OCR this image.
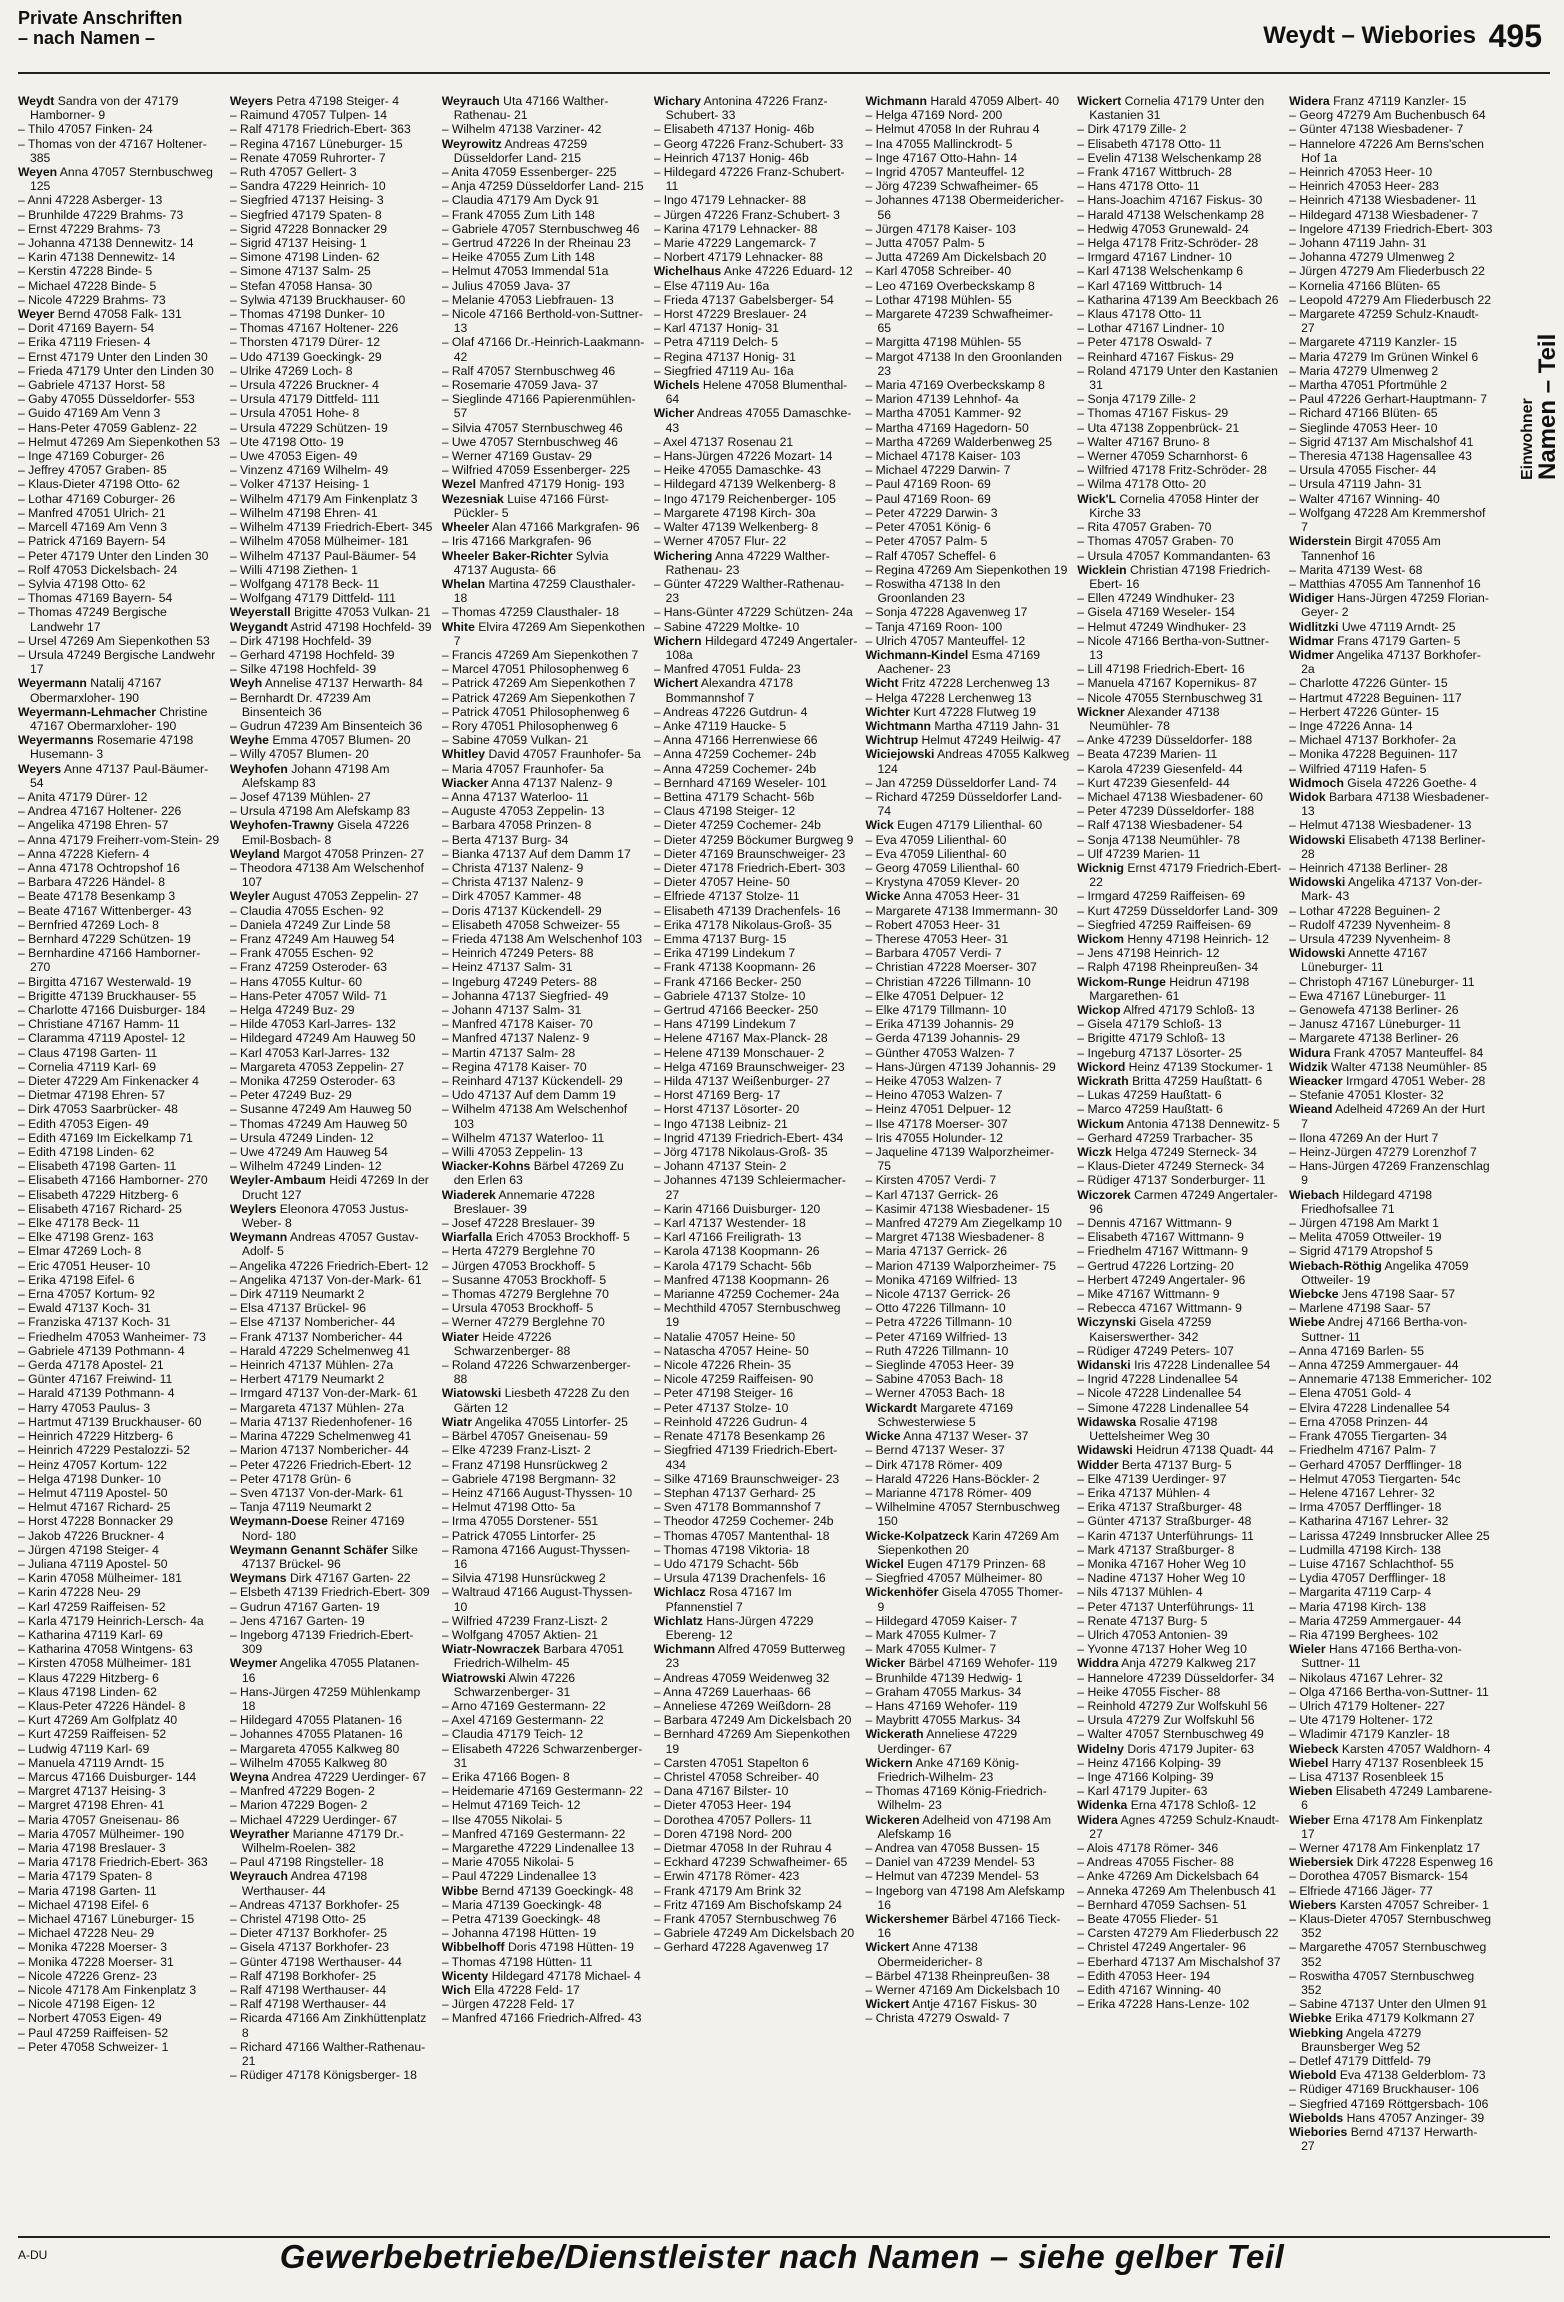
Private Anschriften
– nach Namen –	Weydt – Wiebories 495
Einwohner
Namen – Teil
Weydt Sandra von der 47179 Hamborner- 9
– Thilo 47057 Finken- 24
– Thomas von der 47167 Holtener- 385
Weyen Anna 47057 Sternbuschweg 125
– Anni 47228 Asberger- 13
– Brunhilde 47229 Brahms- 73
– Ernst 47229 Brahms- 73
– Johanna 47138 Dennewitz- 14
– Karin 47138 Dennewitz- 14
– Kerstin 47228 Binde- 5
– Michael 47228 Binde- 5
– Nicole 47229 Brahms- 73
Weyer Bernd 47058 Falk- 131
– Dorit 47169 Bayern- 54
– Erika 47119 Friesen- 4
– Ernst 47179 Unter den Linden 30
– Frieda 47179 Unter den Linden 30
– Gabriele 47137 Horst- 58
– Gaby 47055 Düsseldorfer- 553
– Guido 47169 Am Venn 3
– Hans-Peter 47059 Gablenz- 22
– Helmut 47269 Am Siepenkothen 53
– Inge 47169 Coburger- 26
– Jeffrey 47057 Graben- 85
– Klaus-Dieter 47198 Otto- 62
– Lothar 47169 Coburger- 26
– Manfred 47051 Ulrich- 21
– Marcell 47169 Am Venn 3
– Patrick 47169 Bayern- 54
– Peter 47179 Unter den Linden 30
– Rolf 47053 Dickelsbach- 24
– Sylvia 47198 Otto- 62
– Thomas 47169 Bayern- 54
– Thomas 47249 Bergische Landwehr 17
– Ursel 47269 Am Siepenkothen 53
– Ursula 47249 Bergische Landwehr 17
Weyermann Natalij 47167 Obermarxloher- 190
Weyermann-Lehmacher Christine 47167 Obermarxloher- 190
Weyermanns Rosemarie 47198 Husemann- 3
Weyers Anne 47137 Paul-Bäumer- 54
– Anita 47179 Dürer- 12
– Andrea 47167 Holtener- 226
– Angelika 47198 Ehren- 57
– Anna 47179 Freiherr-vom-Stein- 29
– Anna 47228 Kiefern- 4
– Anna 47178 Ochtropshof 16
– Barbara 47226 Händel- 8
– Beate 47178 Besenkamp 3
– Beate 47167 Wittenberger- 43
– Bernfried 47269 Loch- 8
– Bernhard 47229 Schützen- 19
– Bernhardine 47166 Hamborner- 270
– Birgitta 47167 Westerwald- 19
– Brigitte 47139 Bruckhauser- 55
– Charlotte 47166 Duisburger- 184
– Christiane 47167 Hamm- 11
– Claramma 47119 Apostel- 12
– Claus 47198 Garten- 11
– Cornelia 47119 Karl- 69
– Dieter 47229 Am Finkenacker 4
– Dietmar 47198 Ehren- 57
– Dirk 47053 Saarbrücker- 48
– Edith 47053 Eigen- 49
– Edith 47169 Im Eickelkamp 71
– Edith 47198 Linden- 62
– Elisabeth 47198 Garten- 11
– Elisabeth 47166 Hamborner- 270
– Elisabeth 47229 Hitzberg- 6
– Elisabeth 47167 Richard- 25
– Elke 47178 Beck- 11
– Elke 47198 Grenz- 163
– Elmar 47269 Loch- 8
– Eric 47051 Heuser- 10
– Erika 47198 Eifel- 6
– Erna 47057 Kortum- 92
– Ewald 47137 Koch- 31
– Franziska 47137 Koch- 31
– Friedhelm 47053 Wanheimer- 73
– Gabriele 47139 Pothmann- 4
– Gerda 47178 Apostel- 21
– Günter 47167 Freiwind- 11
– Harald 47139 Pothmann- 4
– Harry 47053 Paulus- 3
– Hartmut 47139 Bruckhauser- 60
– Heinrich 47229 Hitzberg- 6
– Heinrich 47229 Pestalozzi- 52
– Heinz 47057 Kortum- 122
– Helga 47198 Dunker- 10
– Helmut 47119 Apostel- 50
– Helmut 47167 Richard- 25
– Horst 47228 Bonnacker 29
– Jakob 47226 Bruckner- 4
– Jürgen 47198 Steiger- 4
– Juliana 47119 Apostel- 50
– Karin 47058 Mülheimer- 181
– Karin 47228 Neu- 29
– Karl 47259 Raiffeisen- 52
– Karla 47179 Heinrich-Lersch- 4a
– Katharina 47119 Karl- 69
– Katharina 47058 Wintgens- 63
– Kirsten 47058 Mülheimer- 181
– Klaus 47229 Hitzberg- 6
– Klaus 47198 Linden- 62
– Klaus-Peter 47226 Händel- 8
– Kurt 47269 Am Golfplatz 40
– Kurt 47259 Raiffeisen- 52
– Ludwig 47119 Karl- 69
– Manuela 47119 Arndt- 15
– Marcus 47166 Duisburger- 144
– Margret 47137 Heising- 3
– Margret 47198 Ehren- 41
– Maria 47057 Gneisenau- 86
– Maria 47057 Mülheimer- 190
– Maria 47198 Breslauer- 3
– Maria 47178 Friedrich-Ebert- 363
– Maria 47179 Spaten- 8
– Maria 47198 Garten- 11
– Michael 47198 Eifel- 6
– Michael 47167 Lüneburger- 15
– Michael 47228 Neu- 29
– Monika 47228 Moerser- 3
– Monika 47228 Moerser- 31
– Nicole 47226 Grenz- 23
– Nicole 47178 Am Finkenplatz 3
– Nicole 47198 Eigen- 12
– Norbert 47053 Eigen- 49
– Paul 47259 Raiffeisen- 52
– Peter 47058 Schweizer- 1
Weyers Petra 47198 Steiger- 4
– Raimund 47057 Tulpen- 14
– Ralf 47178 Friedrich-Ebert- 363
– Regina 47167 Lüneburger- 15
– Renate 47059 Ruhrorter- 7
– Ruth 47057 Gellert- 3
– Sandra 47229 Heinrich- 10
– Siegfried 47137 Heising- 3
– Siegfried 47179 Spaten- 8
– Sigrid 47228 Bonnacker 29
– Sigrid 47137 Heising- 1
– Simone 47198 Linden- 62
– Simone 47137 Salm- 25
– Stefan 47058 Hansa- 30
– Sylwia 47139 Bruckhauser- 60
– Thomas 47198 Dunker- 10
– Thomas 47167 Holtener- 226
– Thorsten 47179 Dürer- 12
– Udo 47139 Goeckingk- 29
– Ulrike 47269 Loch- 8
– Ursula 47226 Bruckner- 4
– Ursula 47179 Dittfeld- 111
– Ursula 47051 Hohe- 8
– Ursula 47229 Schützen- 19
– Ute 47198 Otto- 19
– Uwe 47053 Eigen- 49
– Vinzenz 47169 Wilhelm- 49
– Volker 47137 Heising- 1
– Wilhelm 47179 Am Finkenplatz 3
– Wilhelm 47198 Ehren- 41
– Wilhelm 47139 Friedrich-Ebert- 345
– Wilhelm 47058 Mülheimer- 181
– Wilhelm 47137 Paul-Bäumer- 54
– Willi 47198 Ziethen- 1
– Wolfgang 47178 Beck- 11
– Wolfgang 47179 Dittfeld- 111
Weyerstall Brigitte 47053 Vulkan- 21
Weygandt Astrid 47198 Hochfeld- 39
– Dirk 47198 Hochfeld- 39
– Gerhard 47198 Hochfeld- 39
– Silke 47198 Hochfeld- 39
Weyh Annelise 47137 Herwarth- 84
– Bernhardt Dr. 47239 Am Binsenteich 36
– Gudrun 47239 Am Binsenteich 36
Weyhe Emma 47057 Blumen- 20
– Willy 47057 Blumen- 20
Weyhofen Johann 47198 Am Alefskamp 83
– Josef 47139 Mühlen- 27
– Ursula 47198 Am Alefskamp 83
Weyhofen-Trawny Gisela 47226 Emil-Bosbach- 8
Weyland Margot 47058 Prinzen- 27
– Theodora 47138 Am Welschenhof 107
Weyler August 47053 Zeppelin- 27
– Claudia 47055 Eschen- 92
– Daniela 47249 Zur Linde 58
– Franz 47249 Am Hauweg 54
– Frank 47055 Eschen- 92
– Franz 47259 Osteroder- 63
– Hans 47055 Kultur- 60
– Hans-Peter 47057 Wild- 71
– Helga 47249 Buz- 29
– Hilde 47053 Karl-Jarres- 132
– Hildegard 47249 Am Hauweg 50
– Karl 47053 Karl-Jarres- 132
– Margareta 47053 Zeppelin- 27
– Monika 47259 Osteroder- 63
– Peter 47249 Buz- 29
– Susanne 47249 Am Hauweg 50
– Thomas 47249 Am Hauweg 50
– Ursula 47249 Linden- 12
– Uwe 47249 Am Hauweg 54
– Wilhelm 47249 Linden- 12
Weyler-Ambaum Heidi 47269 In der Drucht 127
Weylers Eleonora 47053 Justus-Weber- 8
Weymann Andreas 47057 Gustav-Adolf- 5
– Angelika 47226 Friedrich-Ebert- 12
– Angelika 47137 Von-der-Mark- 61
– Dirk 47119 Neumarkt 2
– Elsa 47137 Brückel- 96
– Else 47137 Nombericher- 44
– Frank 47137 Nombericher- 44
– Harald 47229 Schelmenweg 41
– Heinrich 47137 Mühlen- 27a
– Herbert 47179 Neumarkt 2
– Irmgard 47137 Von-der-Mark- 61
– Margareta 47137 Mühlen- 27a
– Maria 47137 Riedenhofener- 16
– Marina 47229 Schelmenweg 41
– Marion 47137 Nombericher- 44
– Peter 47226 Friedrich-Ebert- 12
– Peter 47178 Grün- 6
– Sven 47137 Von-der-Mark- 61
– Tanja 47119 Neumarkt 2
Weymann-Doese Reiner 47169 Nord- 180
Weymann Genannt Schäfer Silke 47137 Brückel- 96
Weymans Dirk 47167 Garten- 22
– Elsbeth 47139 Friedrich-Ebert- 309
– Gudrun 47167 Garten- 19
– Jens 47167 Garten- 19
– Ingeborg 47139 Friedrich-Ebert- 309
Weymer Angelika 47055 Platanen- 16
– Hans-Jürgen 47259 Mühlenkamp 18
– Hildegard 47055 Platanen- 16
– Johannes 47055 Platanen- 16
– Margareta 47055 Kalkweg 80
– Wilhelm 47055 Kalkweg 80
Weyna Andrea 47229 Uerdinger- 67
– Manfred 47229 Bogen- 2
– Marion 47229 Bogen- 2
– Michael 47229 Uerdinger- 67
Weyrather Marianne 47179 Dr.-Wilhelm-Roelen- 382
– Paul 47198 Ringsteller- 18
Weyrauch Andrea 47198 Werthauser- 44
– Andreas 47137 Borkhofer- 25
– Christel 47198 Otto- 25
– Dieter 47137 Borkhofer- 25
– Gisela 47137 Borkhofer- 23
– Günter 47198 Werthauser- 44
– Ralf 47198 Borkhofer- 25
– Ralf 47198 Werthauser- 44
– Ralf 47198 Werthauser- 44
– Ricarda 47166 Am Zinkhüttenplatz 8
– Richard 47166 Walther-Rathenau- 21
– Rüdiger 47178 Königsberger- 18
Weyrauch Uta 47166 Walther-Rathenau- 21
– Wilhelm 47138 Varziner- 42
Weyrowitz Andreas 47259 Düsseldorfer Land- 215
– Anita 47059 Essenberger- 225
– Anja 47259 Düsseldorfer Land- 215
– Claudia 47179 Am Dyck 91
– Frank 47055 Zum Lith 148
– Gabriele 47057 Sternbuschweg 46
– Gertrud 47226 In der Rheinau 23
– Heike 47055 Zum Lith 148
– Helmut 47053 Immendal 51a
– Julius 47059 Java- 37
– Melanie 47053 Liebfrauen- 13
– Nicole 47166 Berthold-von-Suttner- 13
– Olaf 47166 Dr.-Heinrich-Laakmann- 42
– Ralf 47057 Sternbuschweg 46
– Rosemarie 47059 Java- 37
– Sieglinde 47166 Papierenmühlen- 57
– Silvia 47057 Sternbuschweg 46
– Uwe 47057 Sternbuschweg 46
– Werner 47169 Gustav- 29
– Wilfried 47059 Essenberger- 225
Wezel Manfred 47179 Honig- 193
Wezesniak Luise 47166 Fürst-Pückler- 5
Wheeler Alan 47166 Markgrafen- 96
– Iris 47166 Markgrafen- 96
Wheeler Baker-Richter Sylvia 47137 Augusta- 66
Whelan Martina 47259 Clausthaler- 18
– Thomas 47259 Clausthaler- 18
White Elvira 47269 Am Siepenkothen 7
– Francis 47269 Am Siepenkothen 7
– Marcel 47051 Philosophenweg 6
– Patrick 47269 Am Siepenkothen 7
– Patrick 47269 Am Siepenkothen 7
– Patrick 47051 Philosophenweg 6
– Rory 47051 Philosophenweg 6
– Sabine 47059 Vulkan- 21
Whitley David 47057 Fraunhofer- 5a
– Maria 47057 Fraunhofer- 5a
Wiacker Anna 47137 Nalenz- 9
– Anna 47137 Waterloo- 11
– Auguste 47053 Zeppelin- 13
– Barbara 47058 Prinzen- 8
– Berta 47137 Burg- 34
– Bianka 47137 Auf dem Damm 17
– Christa 47137 Nalenz- 9
– Christa 47137 Nalenz- 9
– Dirk 47057 Kammer- 48
– Doris 47137 Kückendell- 29
– Elisabeth 47058 Schweizer- 55
– Frieda 47138 Am Welschenhof 103
– Heinrich 47249 Peters- 88
– Heinz 47137 Salm- 31
– Ingeburg 47249 Peters- 88
– Johanna 47137 Siegfried- 49
– Johann 47137 Salm- 31
– Manfred 47178 Kaiser- 70
– Manfred 47137 Nalenz- 9
– Martin 47137 Salm- 28
– Regina 47178 Kaiser- 70
– Reinhard 47137 Kückendell- 29
– Udo 47137 Auf dem Damm 19
– Wilhelm 47138 Am Welschenhof 103
– Wilhelm 47137 Waterloo- 11
– Willi 47053 Zeppelin- 13
Wiacker-Kohns Bärbel 47269 Zu den Erlen 63
Wiaderek Annemarie 47228 Breslauer- 39
– Josef 47228 Breslauer- 39
Wiarfalla Erich 47053 Brockhoff- 5
– Herta 47279 Berglehne 70
– Jürgen 47053 Brockhoff- 5
– Susanne 47053 Brockhoff- 5
– Thomas 47279 Berglehne 70
– Ursula 47053 Brockhoff- 5
– Werner 47279 Berglehne 70
Wiater Heide 47226 Schwarzenberger- 88
– Roland 47226 Schwarzenberger- 88
Wiatowski Liesbeth 47228 Zu den Gärten 12
Wiatr Angelika 47055 Lintorfer- 25
– Bärbel 47057 Gneisenau- 59
– Elke 47239 Franz-Liszt- 2
– Franz 47198 Hunsrückweg 2
– Gabriele 47198 Bergmann- 32
– Heinz 47166 August-Thyssen- 10
– Helmut 47198 Otto- 5a
– Irma 47055 Dorstener- 551
– Patrick 47055 Lintorfer- 25
– Ramona 47166 August-Thyssen- 16
– Silvia 47198 Hunsrückweg 2
– Waltraud 47166 August-Thyssen- 10
– Wilfried 47239 Franz-Liszt- 2
– Wolfgang 47057 Aktien- 21
Wiatr-Nowraczek Barbara 47051 Friedrich-Wilhelm- 45
Wiatrowski Alwin 47226 Schwarzenberger- 31
– Arno 47169 Gestermann- 22
– Axel 47169 Gestermann- 22
– Claudia 47179 Teich- 12
– Elisabeth 47226 Schwarzenberger- 31
– Erika 47166 Bogen- 8
– Heidemarie 47169 Gestermann- 22
– Helmut 47169 Teich- 12
– Ilse 47055 Nikolai- 5
– Manfred 47169 Gestermann- 22
– Margarethe 47229 Lindenallee 13
– Marie 47055 Nikolai- 5
– Paul 47229 Lindenallee 13
Wibbe Bernd 47139 Goeckingk- 48
– Maria 47139 Goeckingk- 48
– Petra 47139 Goeckingk- 48
– Johanna 47198 Hütten- 19
Wibbelhoff Doris 47198 Hütten- 19
– Thomas 47198 Hütten- 11
Wicenty Hildegard 47178 Michael- 4
Wich Ella 47228 Feld- 17
– Jürgen 47228 Feld- 17
– Manfred 47166 Friedrich-Alfred- 43
Wichary Antonina 47226 Franz-Schubert- 33
– Elisabeth 47137 Honig- 46b
– Georg 47226 Franz-Schubert- 33
– Heinrich 47137 Honig- 46b
– Hildegard 47226 Franz-Schubert- 11
– Ingo 47179 Lehnacker- 88
– Jürgen 47226 Franz-Schubert- 3
– Karina 47179 Lehnacker- 88
– Marie 47229 Langemarck- 7
– Norbert 47179 Lehnacker- 88
Wichelhaus Anke 47226 Eduard- 12
– Else 47119 Au- 16a
– Frieda 47137 Gabelsberger- 54
– Horst 47229 Breslauer- 24
– Karl 47137 Honig- 31
– Petra 47119 Delch- 5
– Regina 47137 Honig- 31
– Siegfried 47119 Au- 16a
Wichels Helene 47058 Blumenthal- 64
Wicher Andreas 47055 Damaschke- 43
– Axel 47137 Rosenau 21
– Hans-Jürgen 47226 Mozart- 14
– Heike 47055 Damaschke- 43
– Hildegard 47139 Welkenberg- 8
– Ingo 47179 Reichenberger- 105
– Margarete 47198 Kirch- 30a
– Walter 47139 Welkenberg- 8
– Werner 47057 Flur- 22
Wichering Anna 47229 Walther-Rathenau- 23
– Günter 47229 Walther-Rathenau- 23
– Hans-Günter 47229 Schützen- 24a
– Sabine 47229 Moltke- 10
Wichern Hildegard 47249 Angertaler- 108a
– Manfred 47051 Fulda- 23
Wichert Alexandra 47178 Bommannshof 7
– Andreas 47226 Gutdrun- 4
– Anke 47119 Haucke- 5
– Anna 47166 Herrenwiese 66
– Anna 47259 Cochemer- 24b
– Anna 47259 Cochemer- 24b
– Bernhard 47169 Weseler- 101
– Bettina 47179 Schacht- 56b
– Claus 47198 Steiger- 12
– Dieter 47259 Cochemer- 24b
– Dieter 47259 Böckumer Burgweg 9
– Dieter 47169 Braunschweiger- 23
– Dieter 47178 Friedrich-Ebert- 303
– Dieter 47057 Heine- 50
– Elfriede 47137 Stolze- 11
– Elisabeth 47139 Drachenfels- 16
– Erika 47178 Nikolaus-Groß- 35
– Emma 47137 Burg- 15
– Erika 47199 Lindekum 7
– Frank 47138 Koopmann- 26
– Frank 47166 Becker- 250
– Gabriele 47137 Stolze- 10
– Gertrud 47166 Beecker- 250
– Hans 47199 Lindekum 7
– Helene 47167 Max-Planck- 28
– Helene 47139 Monschauer- 2
– Helga 47169 Braunschweiger- 23
– Hilda 47137 Weißenburger- 27
– Horst 47169 Berg- 17
– Horst 47137 Lösorter- 20
– Ingo 47138 Leibniz- 21
– Ingrid 47139 Friedrich-Ebert- 434
– Jörg 47178 Nikolaus-Groß- 35
– Johann 47137 Stein- 2
– Johannes 47139 Schleiermacher- 27
– Karin 47166 Duisburger- 120
– Karl 47137 Westender- 18
– Karl 47166 Freiligrath- 13
– Karola 47138 Koopmann- 26
– Karola 47179 Schacht- 56b
– Manfred 47138 Koopmann- 26
– Marianne 47259 Cochemer- 24a
– Mechthild 47057 Sternbuschweg 19
– Natalie 47057 Heine- 50
– Natascha 47057 Heine- 50
– Nicole 47226 Rhein- 35
– Nicole 47259 Raiffeisen- 90
– Peter 47198 Steiger- 16
– Peter 47137 Stolze- 10
– Reinhold 47226 Gudrun- 4
– Renate 47178 Besenkamp 26
– Siegfried 47139 Friedrich-Ebert- 434
– Silke 47169 Braunschweiger- 23
– Stephan 47137 Gerhard- 25
– Sven 47178 Bommannshof 7
– Theodor 47259 Cochemer- 24b
– Thomas 47057 Mantenthal- 18
– Thomas 47198 Viktoria- 18
– Udo 47179 Schacht- 56b
– Ursula 47139 Drachenfels- 16
Wichlacz Rosa 47167 Im Pfannenstiel 7
Wichlatz Hans-Jürgen 47229 Ebereng- 12
Wichmann Alfred 47059 Butterweg 23
– Andreas 47059 Weidenweg 32
– Anna 47269 Lauerhaas- 66
– Anneliese 47269 Weißdorn- 28
– Barbara 47249 Am Dickelsbach 20
– Bernhard 47269 Am Siepenkothen 19
– Carsten 47051 Stapelton 6
– Christel 47058 Schreiber- 40
– Dana 47167 Bilster- 10
– Dieter 47053 Heer- 194
– Dorothea 47057 Pollers- 11
– Doren 47198 Nord- 200
– Dietmar 47058 In der Ruhrau 4
– Eckhard 47239 Schwafheimer- 65
– Erwin 47178 Römer- 423
– Frank 47179 Am Brink 32
– Fritz 47169 Am Bischofskamp 24
– Frank 47057 Sternbuschweg 76
– Gabriele 47249 Am Dickelsbach 20
– Gerhard 47228 Agavenweg 17
Wichmann Harald 47059 Albert- 40
– Helga 47169 Nord- 200
– Helmut 47058 In der Ruhrau 4
– Ina 47055 Mallinckrodt- 5
– Inge 47167 Otto-Hahn- 14
– Ingrid 47057 Manteuffel- 12
– Jörg 47239 Schwafheimer- 65
– Johannes 47138 Obermeidericher- 56
– Jürgen 47178 Kaiser- 103
– Jutta 47057 Palm- 5
– Jutta 47269 Am Dickelsbach 20
– Karl 47058 Schreiber- 40
– Leo 47169 Overbeckskamp 8
– Lothar 47198 Mühlen- 55
– Margarete 47239 Schwafheimer- 65
– Margitta 47198 Mühlen- 55
– Margot 47138 In den Groonlanden 23
– Maria 47169 Overbeckskamp 8
– Marion 47139 Lehnhof- 4a
– Martha 47051 Kammer- 92
– Martha 47169 Hagedorn- 50
– Martha 47269 Walderbenweg 25
– Michael 47178 Kaiser- 103
– Michael 47229 Darwin- 7
– Paul 47169 Roon- 69
– Paul 47169 Roon- 69
– Peter 47229 Darwin- 3
– Peter 47051 König- 6
– Peter 47057 Palm- 5
– Ralf 47057 Scheffel- 6
– Regina 47269 Am Siepenkothen 19
– Roswitha 47138 In den Groonlanden 23
– Sonja 47228 Agavenweg 17
– Tanja 47169 Roon- 100
– Ulrich 47057 Manteuffel- 12
Wichmann-Kindel Esma 47169 Aachener- 23
Wicht Fritz 47228 Lerchenweg 13
– Helga 47228 Lerchenweg 13
Wichter Kurt 47228 Flutweg 19
Wichtmann Martha 47119 Jahn- 31
Wichtrup Helmut 47249 Heilwig- 47
Wiciejowski Andreas 47055 Kalkweg 124
– Jan 47259 Düsseldorfer Land- 74
– Richard 47259 Düsseldorfer Land- 74
Wick Eugen 47179 Lilienthal- 60
– Eva 47059 Lilienthal- 60
– Eva 47059 Lilienthal- 60
– Georg 47059 Lilienthal- 60
– Krystyna 47059 Klever- 20
Wicke Anna 47053 Heer- 31
– Margarete 47138 Immermann- 30
– Robert 47053 Heer- 31
– Therese 47053 Heer- 31
– Barbara 47057 Verdi- 7
– Christian 47228 Moerser- 307
– Christian 47226 Tillmann- 10
– Elke 47051 Delpuer- 12
– Elke 47179 Tillmann- 10
– Erika 47139 Johannis- 29
– Gerda 47139 Johannis- 29
– Günther 47053 Walzen- 7
– Hans-Jürgen 47139 Johannis- 29
– Heike 47053 Walzen- 7
– Heino 47053 Walzen- 7
– Heinz 47051 Delpuer- 12
– Ilse 47178 Moerser- 307
– Iris 47055 Holunder- 12
– Jaqueline 47139 Walporzheimer- 75
– Kirsten 47057 Verdi- 7
– Karl 47137 Gerrick- 26
– Kasimir 47138 Wiesbadener- 15
– Manfred 47279 Am Ziegelkamp 10
– Margret 47138 Wiesbadener- 8
– Maria 47137 Gerrick- 26
– Marion 47139 Walporzheimer- 75
– Monika 47169 Wilfried- 13
– Nicole 47137 Gerrick- 26
– Otto 47226 Tillmann- 10
– Petra 47226 Tillmann- 10
– Peter 47169 Wilfried- 13
– Ruth 47226 Tillmann- 10
– Sieglinde 47053 Heer- 39
– Sabine 47053 Bach- 18
– Werner 47053 Bach- 18
Wickardt Margarete 47169 Schwesterwiese 5
Wicke Anna 47137 Weser- 37
– Bernd 47137 Weser- 37
– Dirk 47178 Römer- 409
– Harald 47226 Hans-Böckler- 2
– Marianne 47178 Römer- 409
– Wilhelmine 47057 Sternbuschweg 150
Wicke-Kolpatzeck Karin 47269 Am Siepenkothen 20
Wickel Eugen 47179 Prinzen- 68
– Siegfried 47057 Mülheimer- 80
Wickenhöfer Gisela 47055 Thomer- 9
– Hildegard 47059 Kaiser- 7
– Mark 47055 Kulmer- 7
– Mark 47055 Kulmer- 7
Wicker Bärbel 47169 Wehofer- 119
– Brunhilde 47139 Hedwig- 1
– Graham 47055 Markus- 34
– Hans 47169 Wehofer- 119
– Maybritt 47055 Markus- 34
Wickerath Anneliese 47229 Uerdinger- 67
Wickern Anke 47169 König-Friedrich-Wilhelm- 23
– Thomas 47169 König-Friedrich-Wilhelm- 23
Wickeren Adelheid von 47198 Am Alefskamp 16
– Andrea van 47058 Bussen- 15
– Daniel van 47239 Mendel- 53
– Helmut van 47239 Mendel- 53
– Ingeborg van 47198 Am Alefskamp 16
Wickershemer Bärbel 47166 Tieck- 16
Wickert Anne 47138 Obermeidericher- 8
– Bärbel 47138 Rheinpreußen- 38
– Werner 47169 Am Dickelsbach 10
Wickert Antje 47167 Fiskus- 30
– Christa 47279 Oswald- 7
Wickert Cornelia 47179 Unter den Kastanien 31
– Dirk 47179 Zille- 2
– Elisabeth 47178 Otto- 11
– Evelin 47138 Welschenkamp 28
– Frank 47167 Wittbruch- 28
– Hans 47178 Otto- 11
– Hans-Joachim 47167 Fiskus- 30
– Harald 47138 Welschenkamp 28
– Hedwig 47053 Grunewald- 24
– Helga 47178 Fritz-Schröder- 28
– Irmgard 47167 Lindner- 10
– Karl 47138 Welschenkamp 6
– Karl 47169 Wittbruch- 14
– Katharina 47139 Am Beeckbach 26
– Klaus 47178 Otto- 11
– Lothar 47167 Lindner- 10
– Peter 47178 Oswald- 7
– Reinhard 47167 Fiskus- 29
– Roland 47179 Unter den Kastanien 31
– Sonja 47179 Zille- 2
– Thomas 47167 Fiskus- 29
– Uta 47138 Zoppenbrück- 21
– Walter 47167 Bruno- 8
– Werner 47059 Scharnhorst- 6
– Wilfried 47178 Fritz-Schröder- 28
– Wilma 47178 Otto- 20
Wick'L Cornelia 47058 Hinter der Kirche 33
– Rita 47057 Graben- 70
– Thomas 47057 Graben- 70
– Ursula 47057 Kommandanten- 63
Wicklein Christian 47198 Friedrich-Ebert- 16
– Ellen 47249 Windhuker- 23
– Gisela 47169 Weseler- 154
– Helmut 47249 Windhuker- 23
– Nicole 47166 Bertha-von-Suttner- 13
– Lill 47198 Friedrich-Ebert- 16
– Manuela 47167 Kopernikus- 87
– Nicole 47055 Sternbuschweg 31
Wickner Alexander 47138 Neumühler- 78
– Anke 47239 Düsseldorfer- 188
– Beata 47239 Marien- 11
– Karola 47239 Giesenfeld- 44
– Kurt 47239 Giesenfeld- 44
– Michael 47138 Wiesbadener- 60
– Peter 47239 Düsseldorfer- 188
– Ralf 47138 Wiesbadener- 54
– Sonja 47138 Neumühler- 78
– Ulf 47239 Marien- 11
Wicknig Ernst 47179 Friedrich-Ebert- 22
– Irmgard 47259 Raiffeisen- 69
– Kurt 47259 Düsseldorfer Land- 309
– Siegfried 47259 Raiffeisen- 69
Wickom Henny 47198 Heinrich- 12
– Jens 47198 Heinrich- 12
– Ralph 47198 Rheinpreußen- 34
Wickom-Runge Heidrun 47198 Margarethen- 61
Wickop Alfred 47179 Schloß- 13
– Gisela 47179 Schloß- 13
– Brigitte 47179 Schloß- 13
– Ingeburg 47137 Lösorter- 25
Wickord Heinz 47139 Stockumer- 1
Wickrath Britta 47259 Haußtatt- 6
– Lukas 47259 Haußtatt- 6
– Marco 47259 Haußtatt- 6
Wickum Antonia 47138 Dennewitz- 5
– Gerhard 47259 Trarbacher- 35
Wiczk Helga 47249 Sterneck- 34
– Klaus-Dieter 47249 Sterneck- 34
– Rüdiger 47137 Sonderburger- 11
Wiczorek Carmen 47249 Angertaler- 96
– Dennis 47167 Wittmann- 9
– Elisabeth 47167 Wittmann- 9
– Friedhelm 47167 Wittmann- 9
– Gertrud 47226 Lortzing- 20
– Herbert 47249 Angertaler- 96
– Mike 47167 Wittmann- 9
– Rebecca 47167 Wittmann- 9
Wiczynski Gisela 47259 Kaiserswerther- 342
– Rüdiger 47249 Peters- 107
Widanski Iris 47228 Lindenallee 54
– Ingrid 47228 Lindenallee 54
– Nicole 47228 Lindenallee 54
– Simone 47228 Lindenallee 54
Widawska Rosalie 47198 Uettelsheimer Weg 30
Widawski Heidrun 47138 Quadt- 44
Widder Berta 47137 Burg- 5
– Elke 47139 Uerdinger- 97
– Erika 47137 Mühlen- 4
– Erika 47137 Straßburger- 48
– Günter 47137 Straßburger- 48
– Karin 47137 Unterführungs- 11
– Mark 47137 Straßburger- 8
– Monika 47167 Hoher Weg 10
– Nadine 47137 Hoher Weg 10
– Nils 47137 Mühlen- 4
– Peter 47137 Unterführungs- 11
– Renate 47137 Burg- 5
– Ulrich 47053 Antonien- 39
– Yvonne 47137 Hoher Weg 10
Widdra Anja 47279 Kalkweg 217
– Hannelore 47239 Düsseldorfer- 34
– Heike 47055 Fischer- 88
– Reinhold 47279 Zur Wolfskuhl 56
– Ursula 47279 Zur Wolfskuhl 56
– Walter 47057 Sternbuschweg 49
Widelny Doris 47179 Jupiter- 63
– Heinz 47166 Kolping- 39
– Inge 47166 Kolping- 39
– Karl 47179 Jupiter- 63
Widenka Erna 47178 Schloß- 12
Widera Agnes 47259 Schulz-Knaudt- 27
– Alois 47178 Römer- 346
– Andreas 47055 Fischer- 88
– Anke 47269 Am Dickelsbach 64
– Anneka 47269 Am Thelenbusch 41
– Bernhard 47059 Sachsen- 51
– Beate 47055 Flieder- 51
– Carsten 47279 Am Fliederbusch 22
– Christel 47249 Angertaler- 96
– Eberhard 47137 Am Mischalshof 37
– Edith 47053 Heer- 194
– Edith 47167 Winning- 40
– Erika 47228 Hans-Lenze- 102
Widera Franz 47119 Kanzler- 15
– Georg 47279 Am Buchenbusch 64
– Günter 47138 Wiesbadener- 7
– Hannelore 47226 Am Berns'schen Hof 1a
– Heinrich 47053 Heer- 10
– Heinrich 47053 Heer- 283
– Heinrich 47138 Wiesbadener- 11
– Hildegard 47138 Wiesbadener- 7
– Ingelore 47139 Friedrich-Ebert- 303
– Johann 47119 Jahn- 31
– Johanna 47279 Ulmenweg 2
– Jürgen 47279 Am Fliederbusch 22
– Kornelia 47166 Blüten- 65
– Leopold 47279 Am Fliederbusch 22
– Margarete 47259 Schulz-Knaudt- 27
– Margarete 47119 Kanzler- 15
– Maria 47279 Im Grünen Winkel 6
– Maria 47279 Ulmenweg 2
– Martha 47051 Pfortmühle 2
– Paul 47226 Gerhart-Hauptmann- 7
– Richard 47166 Blüten- 65
– Sieglinde 47053 Heer- 10
– Sigrid 47137 Am Mischalshof 41
– Theresia 47138 Hagensallee 43
– Ursula 47055 Fischer- 44
– Ursula 47119 Jahn- 31
– Walter 47167 Winning- 40
– Wolfgang 47228 Am Kremmershof 7
Widerstein Birgit 47055 Am Tannenhof 16
– Marita 47139 West- 68
– Matthias 47055 Am Tannenhof 16
Widiger Hans-Jürgen 47259 Florian-Geyer- 2
Widlitzki Uwe 47119 Arndt- 25
Widmar Frans 47179 Garten- 5
Widmer Angelika 47137 Borkhofer- 2a
– Charlotte 47226 Günter- 15
– Hartmut 47228 Beguinen- 117
– Herbert 47226 Günter- 15
– Inge 47226 Anna- 14
– Michael 47137 Borkhofer- 2a
– Monika 47228 Beguinen- 117
– Wilfried 47119 Hafen- 5
Widmoch Gisela 47226 Goethe- 4
Widok Barbara 47138 Wiesbadener- 13
– Helmut 47138 Wiesbadener- 13
Widowski Elisabeth 47138 Berliner- 28
– Heinrich 47138 Berliner- 28
Widowski Angelika 47137 Von-der-Mark- 43
– Lothar 47228 Beguinen- 2
– Rudolf 47239 Nyvenheim- 8
– Ursula 47239 Nyvenheim- 8
Widowski Annette 47167 Lüneburger- 11
– Christoph 47167 Lüneburger- 11
– Ewa 47167 Lüneburger- 11
– Genowefa 47138 Berliner- 26
– Janusz 47167 Lüneburger- 11
– Margarete 47138 Berliner- 26
Widura Frank 47057 Manteuffel- 84
Widzik Walter 47138 Neumühler- 85
Wieacker Irmgard 47051 Weber- 28
– Stefanie 47051 Kloster- 32
Wieand Adelheid 47269 An der Hurt 7
– Ilona 47269 An der Hurt 7
– Heinz-Jürgen 47279 Lorenzhof 7
– Hans-Jürgen 47269 Franzenschlag 9
Wiebach Hildegard 47198 Friedhofsallee 71
– Jürgen 47198 Am Markt 1
– Melita 47059 Ottweiler- 19
– Sigrid 47179 Atropshof 5
Wiebach-Röthig Angelika 47059 Ottweiler- 19
Wiebcke Jens 47198 Saar- 57
– Marlene 47198 Saar- 57
Wiebe Andrej 47166 Bertha-von-Suttner- 11
– Anna 47169 Barlen- 55
– Anna 47259 Ammergauer- 44
– Annemarie 47138 Emmericher- 102
– Elena 47051 Gold- 4
– Elvira 47228 Lindenallee 54
– Erna 47058 Prinzen- 44
– Frank 47055 Tiergarten- 34
– Friedhelm 47167 Palm- 7
– Gerhard 47057 Derfflinger- 18
– Helmut 47053 Tiergarten- 54c
– Helene 47167 Lehrer- 32
– Irma 47057 Derfflinger- 18
– Katharina 47167 Lehrer- 32
– Larissa 47249 Innsbrucker Allee 25
– Ludmilla 47198 Kirch- 138
– Luise 47167 Schlachthof- 55
– Lydia 47057 Derfflinger- 18
– Margarita 47119 Carp- 4
– Maria 47198 Kirch- 138
– Maria 47259 Ammergauer- 44
– Ria 47199 Berghees- 102
Wieler Hans 47166 Bertha-von-Suttner- 11
– Nikolaus 47167 Lehrer- 32
– Olga 47166 Bertha-von-Suttner- 11
– Ulrich 47179 Holtener- 227
– Ute 47179 Holtener- 172
– Wladimir 47179 Kanzler- 18
Wiebeck Karsten 47057 Waldhorn- 4
Wiebel Harry 47137 Rosenbleek 15
– Lisa 47137 Rosenbleek 15
Wieben Elisabeth 47249 Lambarene- 6
Wieber Erna 47178 Am Finkenplatz 17
– Werner 47178 Am Finkenplatz 17
Wiebersiek Dirk 47228 Espenweg 16
– Dorothea 47057 Bismarck- 154
– Elfriede 47166 Jäger- 77
Wiebers Karsten 47057 Schreiber- 1
– Klaus-Dieter 47057 Sternbuschweg 352
– Margarethe 47057 Sternbuschweg 352
– Roswitha 47057 Sternbuschweg 352
– Sabine 47137 Unter den Ulmen 91
Wiebke Erika 47179 Kolkmann 27
Wiebking Angela 47279 Braunsberger Weg 52
– Detlef 47179 Dittfeld- 79
Wiebold Eva 47138 Gelderblom- 73
– Rüdiger 47169 Bruckhauser- 106
– Siegfried 47169 Röttgersbach- 106
Wiebolds Hans 47057 Anzinger- 39
Wiebories Bernd 47137 Herwarth- 27
A-DU	Gewerbebetriebe/Dienstleister nach Namen – siehe gelber Teil
